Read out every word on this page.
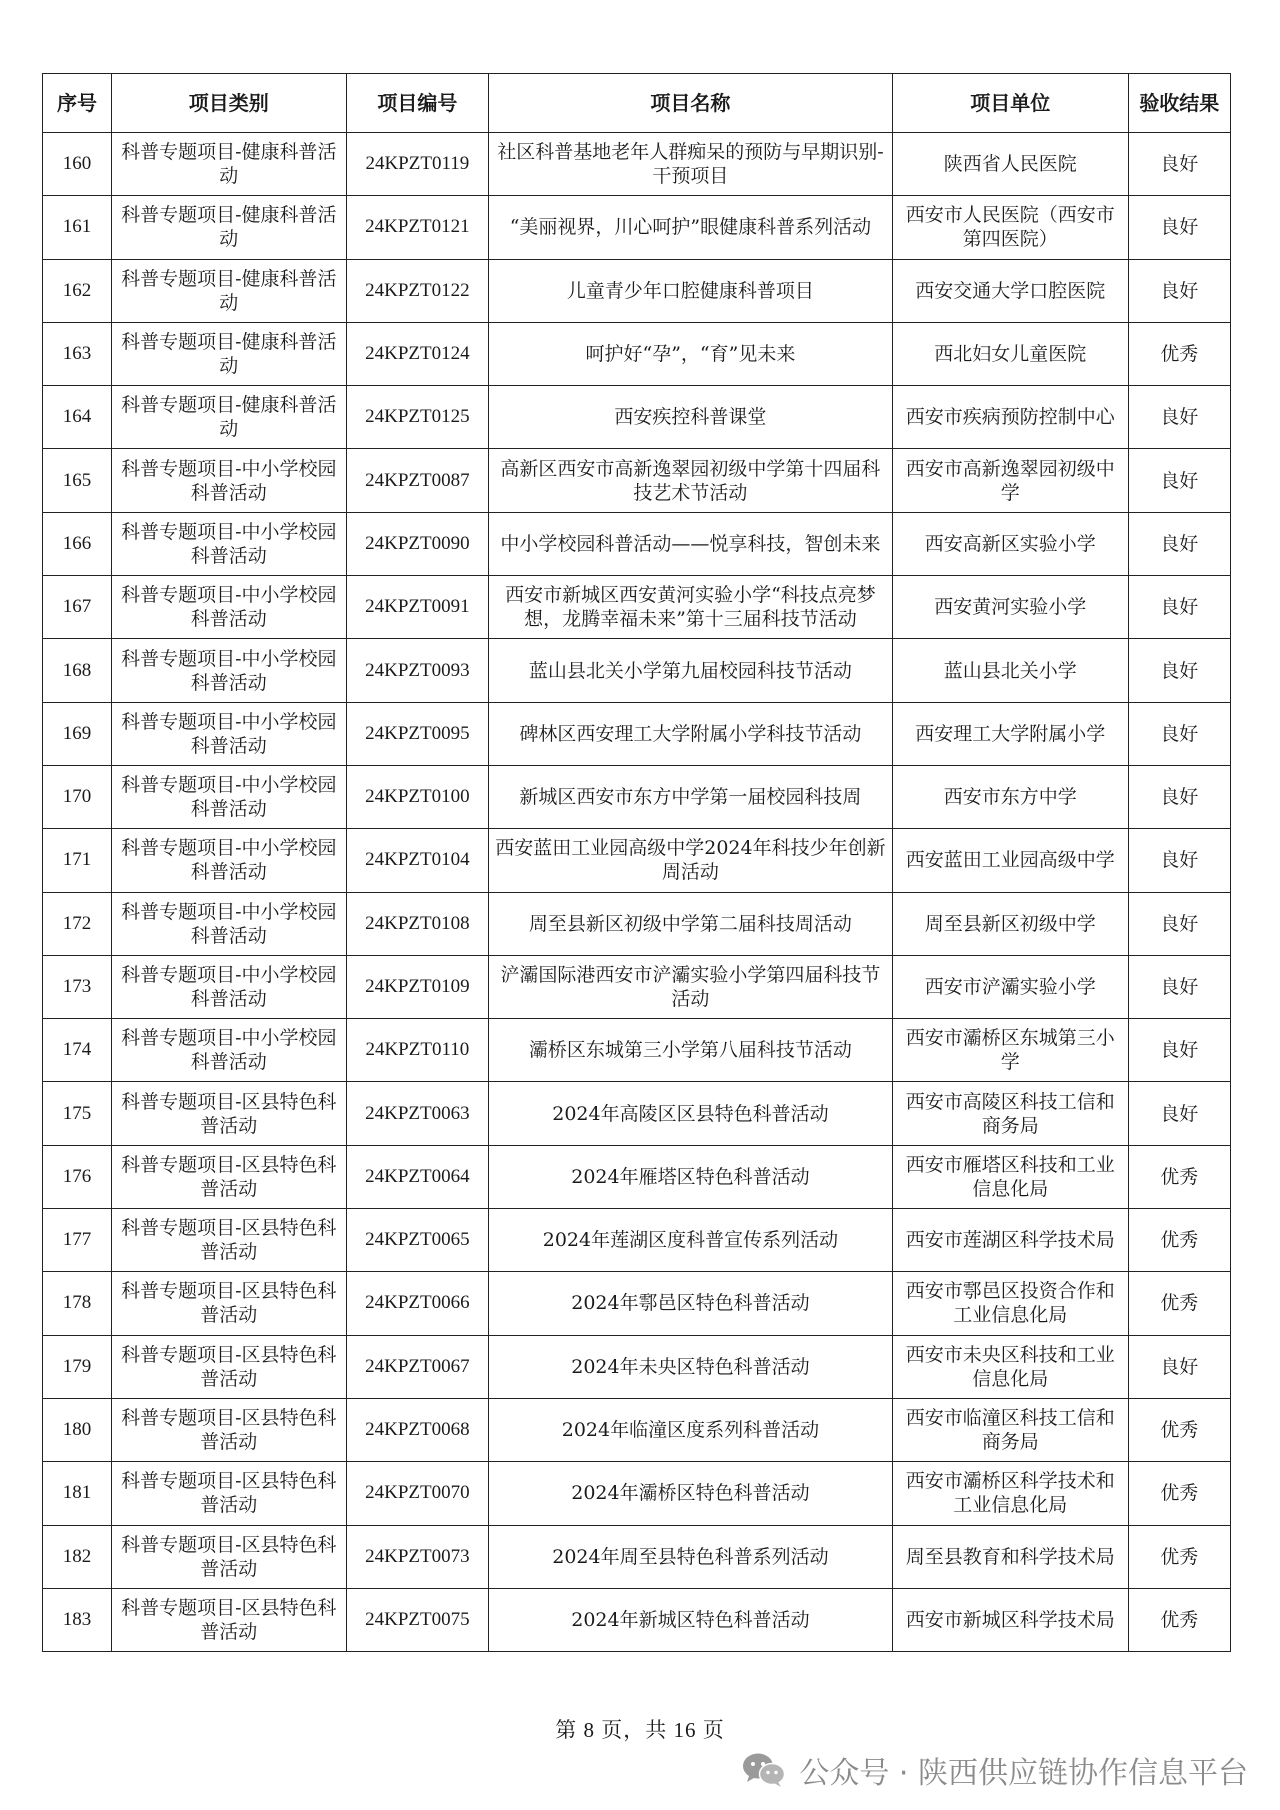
序号	项目类别	项目编号	项目名称	项目单位	验收结果
160	科普专题项目-健康科普活动	24KPZT0119	社区科普基地老年人群痴呆的预防与早期识别-干预项目	陕西省人民医院	良好
161	科普专题项目-健康科普活动	24KPZT0121	“美丽视界，川心呵护”眼健康科普系列活动	西安市人民医院（西安市第四医院）	良好
162	科普专题项目-健康科普活动	24KPZT0122	儿童青少年口腔健康科普项目	西安交通大学口腔医院	良好
163	科普专题项目-健康科普活动	24KPZT0124	呵护好“孕”，“育”见未来	西北妇女儿童医院	优秀
164	科普专题项目-健康科普活动	24KPZT0125	西安疾控科普课堂	西安市疾病预防控制中心	良好
165	科普专题项目-中小学校园科普活动	24KPZT0087	高新区西安市高新逸翠园初级中学第十四届科技艺术节活动	西安市高新逸翠园初级中学	良好
166	科普专题项目-中小学校园科普活动	24KPZT0090	中小学校园科普活动——悦享科技，智创未来	西安高新区实验小学	良好
167	科普专题项目-中小学校园科普活动	24KPZT0091	西安市新城区西安黄河实验小学“科技点亮梦想，龙腾幸福未来”第十三届科技节活动	西安黄河实验小学	良好
168	科普专题项目-中小学校园科普活动	24KPZT0093	蓝山县北关小学第九届校园科技节活动	蓝山县北关小学	良好
169	科普专题项目-中小学校园科普活动	24KPZT0095	碑林区西安理工大学附属小学科技节活动	西安理工大学附属小学	良好
170	科普专题项目-中小学校园科普活动	24KPZT0100	新城区西安市东方中学第一届校园科技周	西安市东方中学	良好
171	科普专题项目-中小学校园科普活动	24KPZT0104	西安蓝田工业园高级中学2024年科技少年创新周活动	西安蓝田工业园高级中学	良好
172	科普专题项目-中小学校园科普活动	24KPZT0108	周至县新区初级中学第二届科技周活动	周至县新区初级中学	良好
173	科普专题项目-中小学校园科普活动	24KPZT0109	浐灞国际港西安市浐灞实验小学第四届科技节活动	西安市浐灞实验小学	良好
174	科普专题项目-中小学校园科普活动	24KPZT0110	灞桥区东城第三小学第八届科技节活动	西安市灞桥区东城第三小学	良好
175	科普专题项目-区县特色科普活动	24KPZT0063	2024年高陵区区县特色科普活动	西安市高陵区科技工信和商务局	良好
176	科普专题项目-区县特色科普活动	24KPZT0064	2024年雁塔区特色科普活动	西安市雁塔区科技和工业信息化局	优秀
177	科普专题项目-区县特色科普活动	24KPZT0065	2024年莲湖区度科普宣传系列活动	西安市莲湖区科学技术局	优秀
178	科普专题项目-区县特色科普活动	24KPZT0066	2024年鄠邑区特色科普活动	西安市鄠邑区投资合作和工业信息化局	优秀
179	科普专题项目-区县特色科普活动	24KPZT0067	2024年未央区特色科普活动	西安市未央区科技和工业信息化局	良好
180	科普专题项目-区县特色科普活动	24KPZT0068	2024年临潼区度系列科普活动	西安市临潼区科技工信和商务局	优秀
181	科普专题项目-区县特色科普活动	24KPZT0070	2024年灞桥区特色科普活动	西安市灞桥区科学技术和工业信息化局	优秀
182	科普专题项目-区县特色科普活动	24KPZT0073	2024年周至县特色科普系列活动	周至县教育和科学技术局	优秀
183	科普专题项目-区县特色科普活动	24KPZT0075	2024年新城区特色科普活动	西安市新城区科学技术局	优秀
第 8 页，共 16 页
公众号 · 陕西供应链协作信息平台
